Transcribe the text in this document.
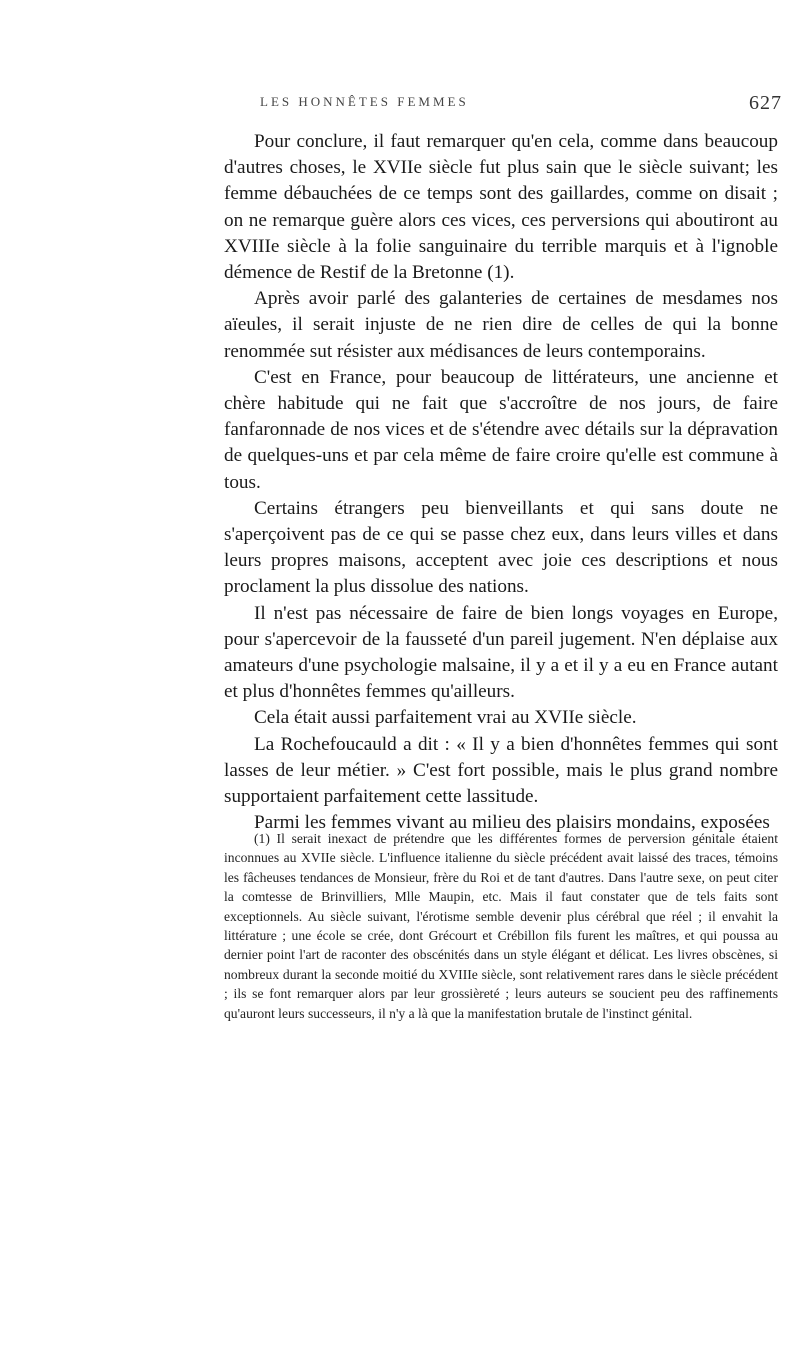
LES HONNÊTES FEMMES	627

Pour conclure, il faut remarquer qu'en cela, comme dans beaucoup d'autres choses, le XVIIe siècle fut plus sain que le siècle suivant; les femme débauchées de ce temps sont des gaillardes, comme on disait ; on ne remarque guère alors ces vices, ces perversions qui aboutiront au XVIIIe siècle à la folie sanguinaire du terrible marquis et à l'ignoble démence de Restif de la Bretonne (1).

Après avoir parlé des galanteries de certaines de mesdames nos aïeules, il serait injuste de ne rien dire de celles de qui la bonne renommée sut résister aux médisances de leurs contemporains.

C'est en France, pour beaucoup de littérateurs, une ancienne et chère habitude qui ne fait que s'accroître de nos jours, de faire fanfaronnade de nos vices et de s'étendre avec détails sur la dépravation de quelques-uns et par cela même de faire croire qu'elle est commune à tous.

Certains étrangers peu bienveillants et qui sans doute ne s'aperçoivent pas de ce qui se passe chez eux, dans leurs villes et dans leurs propres maisons, acceptent avec joie ces descriptions et nous proclament la plus dissolue des nations.

Il n'est pas nécessaire de faire de bien longs voyages en Europe, pour s'apercevoir de la fausseté d'un pareil jugement. N'en déplaise aux amateurs d'une psychologie malsaine, il y a et il y a eu en France autant et plus d'honnêtes femmes qu'ailleurs.

Cela était aussi parfaitement vrai au XVIIe siècle.

La Rochefoucauld a dit : « Il y a bien d'honnêtes femmes qui sont lasses de leur métier. » C'est fort possible, mais le plus grand nombre supportaient parfaitement cette lassitude.

Parmi les femmes vivant au milieu des plaisirs mondains, exposées

(1) Il serait inexact de prétendre que les différentes formes de perversion génitale étaient inconnues au XVIIe siècle. L'influence italienne du siècle précédent avait laissé des traces, témoins les fâcheuses tendances de Monsieur, frère du Roi et de tant d'autres. Dans l'autre sexe, on peut citer la comtesse de Brinvilliers, Mlle Maupin, etc. Mais il faut constater que de tels faits sont exceptionnels. Au siècle suivant, l'érotisme semble devenir plus cérébral que réel ; il envahit la littérature ; une école se crée, dont Grécourt et Crébillon fils furent les maîtres, et qui poussa au dernier point l'art de raconter des obscénités dans un style élégant et délicat. Les livres obscènes, si nombreux durant la seconde moitié du XVIIIe siècle, sont relativement rares dans le siècle précédent ; ils se font remarquer alors par leur grossièreté ; leurs auteurs se soucient peu des raffinements qu'auront leurs successeurs, il n'y a là que la manifestation brutale de l'instinct génital.
